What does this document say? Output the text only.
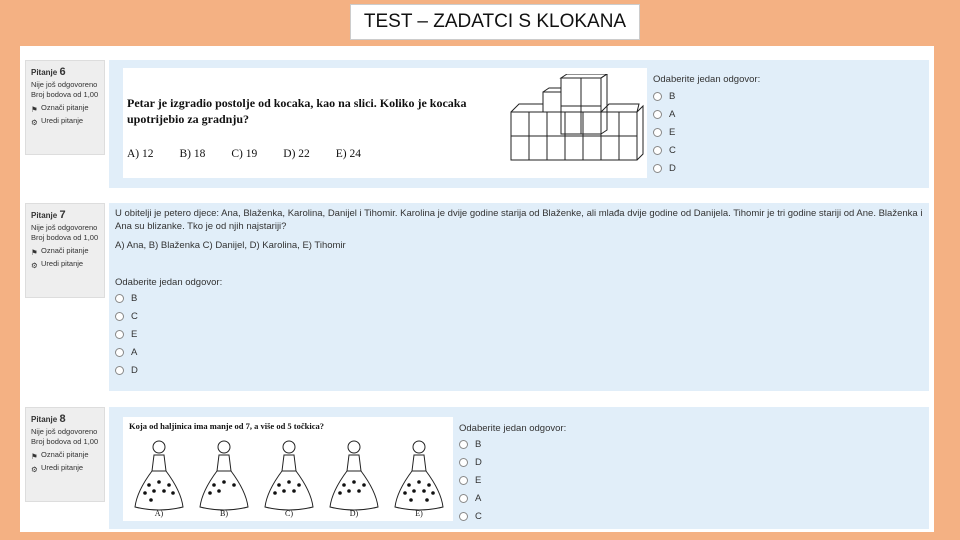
TEST – ZADATCI S KLOKANA
Pitanje 6
Nije još odgovoreno
Broj bodova od 1,00
⚑ Označi pitanje
⚙ Uredi pitanje
Petar je izgradio postolje od kocaka, kao na slici. Koliko je kocaka upotrijebio za gradnju?
A) 12 B) 18 C) 19 D) 22 E) 24
Odaberite jedan odgovor:
B
A
E
C
D
Pitanje 7
Nije još odgovoreno
Broj bodova od 1,00
⚑ Označi pitanje
⚙ Uredi pitanje
U obitelji je petero djece: Ana, Blaženka, Karolina, Danijel i Tihomir. Karolina je dvije godine starija od Blaženke, ali mlađa dvije godine od Danijela. Tihomir je tri godine stariji od Ane. Blaženka i Ana su blizanke. Tko je od njih najstariji?
A) Ana, B) Blaženka C) Danijel, D) Karolina, E) Tihomir
Odaberite jedan odgovor:
B
C
E
A
D
Pitanje 8
Nije još odgovoreno
Broj bodova od 1,00
⚑ Označi pitanje
⚙ Uredi pitanje
Koja od haljinica ima manje od 7, a više od 5 točkica?
A)	B)	C)	D)	E)
Odaberite jedan odgovor:
B
D
E
A
C
